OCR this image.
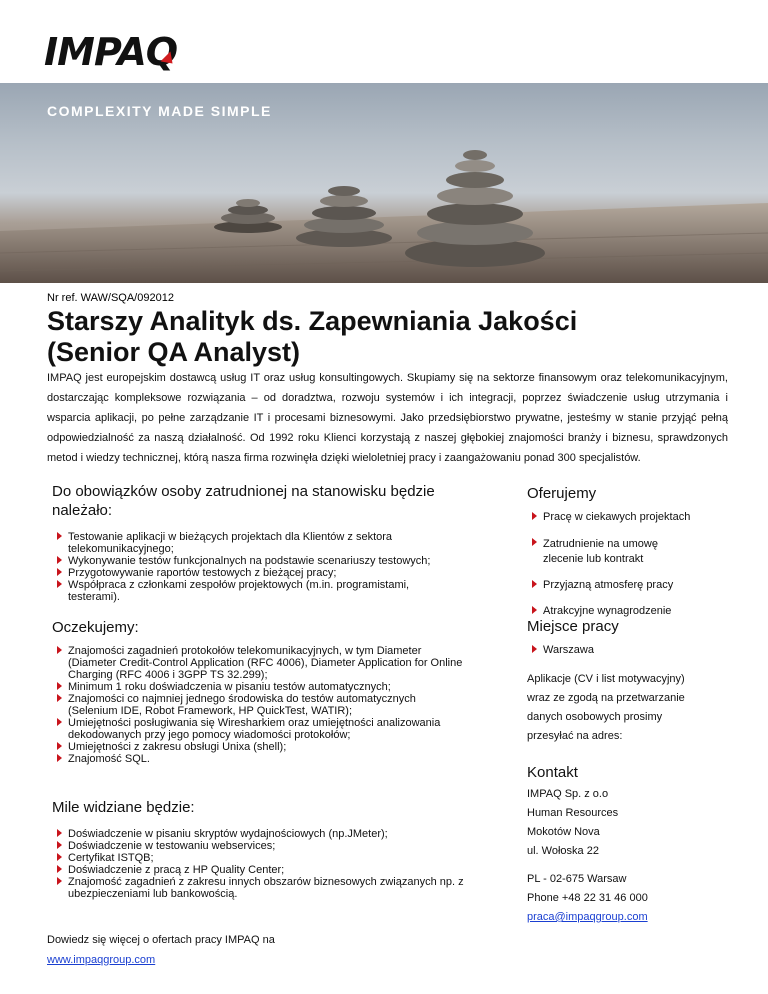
IMPAQ
COMPLEXITY MADE SIMPLE
Nr ref. WAW/SQA/092012
Starszy Analityk ds. Zapewniania Jakości
(Senior QA Analyst)

IMPAQ jest europejskim dostawcą usług IT oraz usług konsultingowych. Skupiamy się na sektorze finansowym oraz telekomunikacyjnym, dostarczając kompleksowe rozwiązania – od doradztwa, rozwoju systemów i ich integracji, poprzez świadczenie usług utrzymania i wsparcia aplikacji, po pełne zarządzanie IT i procesami biznesowymi. Jako przedsiębiorstwo prywatne, jesteśmy w stanie przyjąć pełną odpowiedzialność za naszą działalność. Od 1992 roku Klienci korzystają z naszej głębokiej znajomości branży i biznesu, sprawdzonych metod i wiedzy technicznej, którą nasza firma rozwinęła dzięki wieloletniej pracy i zaangażowaniu ponad 300 specjalistów.

Do obowiązków osoby zatrudnionej na stanowisku będzie należało:
Testowanie aplikacji w bieżących projektach dla Klientów z sektora telekomunikacyjnego;
Wykonywanie testów funkcjonalnych na podstawie scenariuszy testowych;
Przygotowywanie raportów testowych z bieżącej pracy;
Współpraca z członkami zespołów projektowych (m.in. programistami, testerami).
Oczekujemy:
Znajomości zagadnień protokołów telekomunikacyjnych, w tym Diameter (Diameter Credit-Control Application (RFC 4006), Diameter Application for Online Charging (RFC 4006 i 3GPP TS 32.299);
Minimum 1 roku doświadczenia w pisaniu testów automatycznych;
Znajomości co najmniej jednego środowiska do testów automatycznych (Selenium IDE, Robot Framework, HP QuickTest, WATIR);
Umiejętności posługiwania się Wiresharkiem oraz umiejętności analizowania dekodowanych przy jego pomocy wiadomości protokołów;
Umiejętności z zakresu obsługi Unixa (shell);
Znajomość SQL.
Mile widziane będzie:
Doświadczenie w pisaniu skryptów wydajnościowych (np.JMeter);
Doświadczenie w testowaniu webservices;
Certyfikat ISTQB;
Doświadczenie z pracą z HP Quality Center;
Znajomość zagadnień z zakresu innych obszarów biznesowych związanych np. z ubezpieczeniami lub bankowością.
Dowiedz się więcej o ofertach pracy IMPAQ na
www.impaqgroup.com
Oferujemy
Pracę w ciekawych projektach
Zatrudnienie na umowę zlecenie lub kontrakt
Przyjazną atmosferę pracy
Atrakcyjne wynagrodzenie
Miejsce pracy
Warszawa

Aplikacje (CV i list motywacyjny) wraz ze zgodą na przetwarzanie danych osobowych prosimy przesyłać na adres:

Kontakt
IMPAQ Sp. z o.o
Human Resources
Mokotów Nova
ul. Wołoska 22
PL - 02-675 Warsaw
Phone +48 22 31 46 000
praca@impaqgroup.com
